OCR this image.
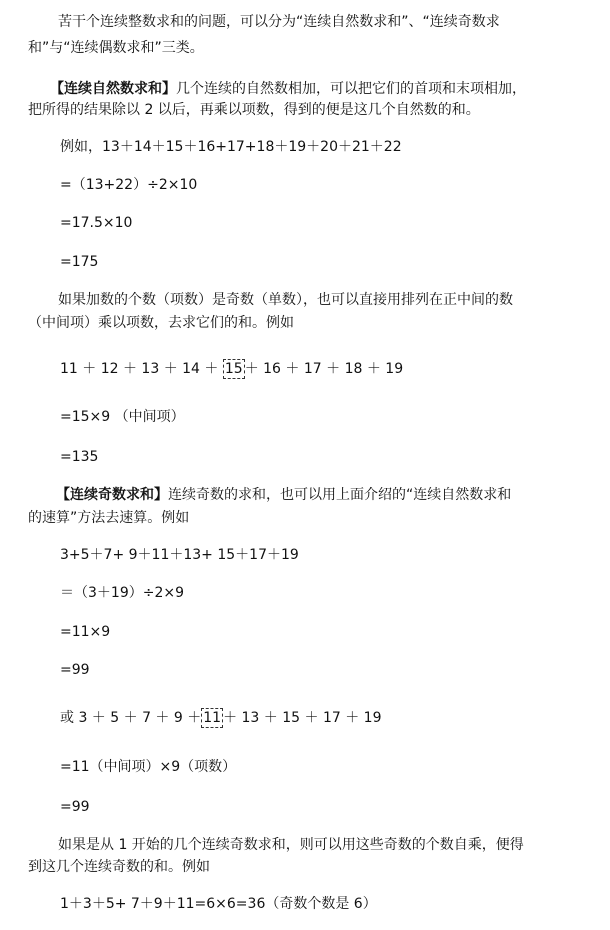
苦干个连续整数求和的问题，可以分为“连续自然数求和”、“连续奇数求
和”与“连续偶数求和”三类。
【连续自然数求和】几个连续的自然数相加，可以把它们的首项和末项相加，
把所得的结果除以 2 以后，再乘以项数，得到的便是这几个自然数的和。
例如，13＋14＋15＋16+17+18＋19＋20＋21＋22
=（13+22）÷2×10
=17.5×10
=175
如果加数的个数（项数）是奇数（单数），也可以直接用排列在正中间的数
（中间项）乘以项数，去求它们的和。例如
11 ＋ 12 ＋ 13 ＋ 14 ＋ 15 ＋ 16 ＋ 17 ＋ 18 ＋ 19
=15×9 （中间项）
=135
【连续奇数求和】连续奇数的求和，也可以用上面介绍的“连续自然数求和
的速算”方法去速算。例如
3+5＋7+ 9＋11＋13+ 15＋17＋19
＝（3＋19）÷2×9
=11×9
=99
或 3 ＋ 5 ＋ 7 ＋ 9 ＋ 11 ＋ 13 ＋ 15 ＋ 17 ＋ 19
=11（中间项）×9（项数）
=99
如果是从 1 开始的几个连续奇数求和，则可以用这些奇数的个数自乘，便得
到这几个连续奇数的和。例如
1＋3＋5+ 7＋9＋11=6×6=36（奇数个数是 6）
